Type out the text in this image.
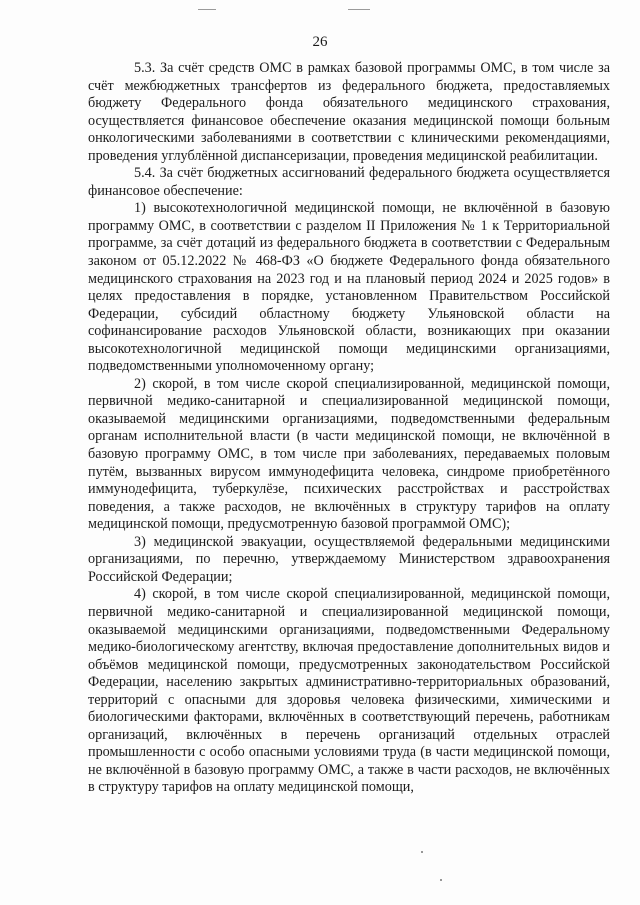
26

5.3. За счёт средств ОМС в рамках базовой программы ОМС, в том числе за счёт межбюджетных трансфертов из федерального бюджета, предоставляемых бюджету Федерального фонда обязательного медицинского страхования, осуществляется финансовое обеспечение оказания медицинской помощи больным онкологическими заболеваниями в соответствии с клиническими рекомендациями, проведения углублённой диспансеризации, проведения медицинской реабилитации.

5.4. За счёт бюджетных ассигнований федерального бюджета осуществляется финансовое обеспечение:

1) высокотехнологичной медицинской помощи, не включённой в базовую программу ОМС, в соответствии с разделом II Приложения № 1 к Территориальной программе, за счёт дотаций из федерального бюджета в соответствии с Федеральным законом от 05.12.2022 № 468-ФЗ «О бюджете Федерального фонда обязательного медицинского страхования на 2023 год и на плановый период 2024 и 2025 годов» в целях предоставления в порядке, установленном Правительством Российской Федерации, субсидий областному бюджету Ульяновской области на софинансирование расходов Ульяновской области, возникающих при оказании высокотехнологичной медицинской помощи медицинскими организациями, подведомственными уполномоченному органу;

2) скорой, в том числе скорой специализированной, медицинской помощи, первичной медико-санитарной и специализированной медицинской помощи, оказываемой медицинскими организациями, подведомственными федеральным органам исполнительной власти (в части медицинской помощи, не включённой в базовую программу ОМС, в том числе при заболеваниях, передаваемых половым путём, вызванных вирусом иммунодефицита человека, синдроме приобретённого иммунодефицита, туберкулёзе, психических расстройствах и расстройствах поведения, а также расходов, не включённых в структуру тарифов на оплату медицинской помощи, предусмотренную базовой программой ОМС);

3) медицинской эвакуации, осуществляемой федеральными медицинскими организациями, по перечню, утверждаемому Министерством здравоохранения Российской Федерации;

4) скорой, в том числе скорой специализированной, медицинской помощи, первичной медико-санитарной и специализированной медицинской помощи, оказываемой медицинскими организациями, подведомственными Федеральному медико-биологическому агентству, включая предоставление дополнительных видов и объёмов медицинской помощи, предусмотренных законодательством Российской Федерации, населению закрытых административно-территориальных образований, территорий с опасными для здоровья человека физическими, химическими и биологическими факторами, включённых в соответствующий перечень, работникам организаций, включённых в перечень организаций отдельных отраслей промышленности с особо опасными условиями труда (в части медицинской помощи, не включённой в базовую программу ОМС, а также в части расходов, не включённых в структуру тарифов на оплату медицинской помощи,
